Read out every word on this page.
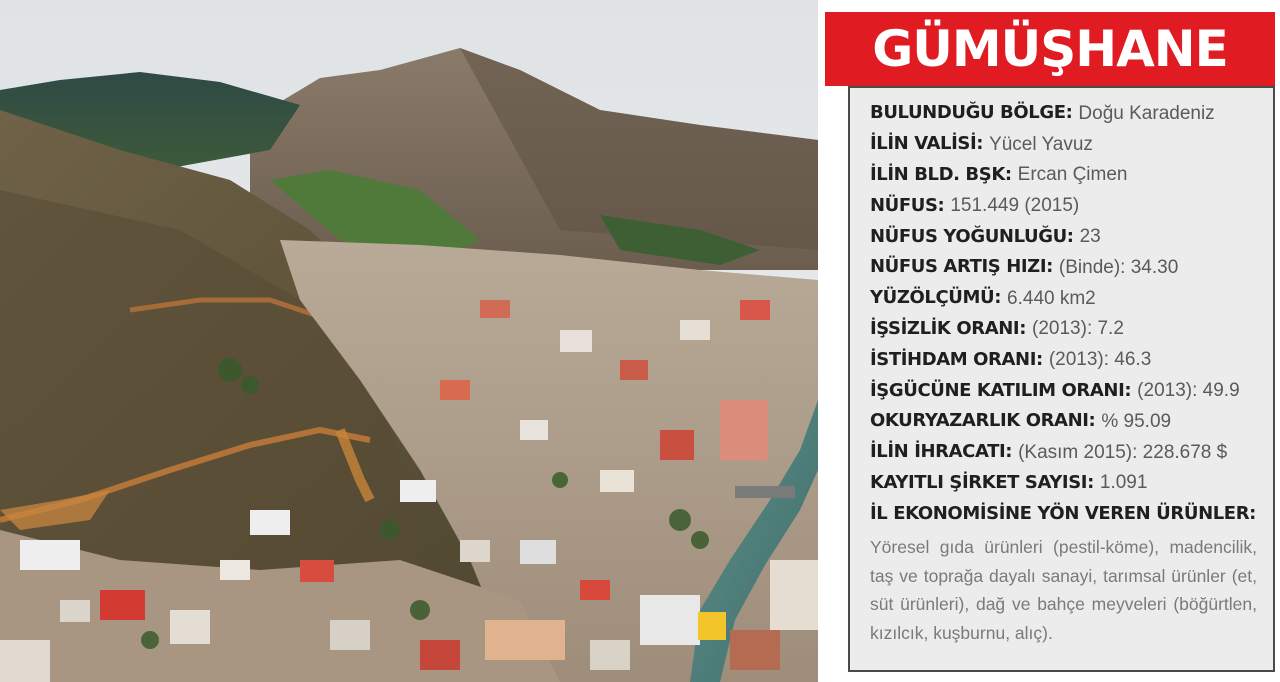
GÜMÜŞHANE
BULUNDUĞU BÖLGE: Doğu Karadeniz
İLİN VALİSİ: Yücel Yavuz
İLİN BLD. BŞK: Ercan Çimen
NÜFUS: 151.449 (2015)
NÜFUS YOĞUNLUĞU: 23
NÜFUS ARTIŞ HIZI: (Binde): 34.30
YÜZÖLÇÜMÜ: 6.440 km2
İŞSİZLİK ORANI: (2013): 7.2
İSTİHDAM ORANI: (2013): 46.3
İŞGÜCÜNE KATILIM ORANI: (2013): 49.9
OKURYAZARLIK ORANI: % 95.09
İLİN İHRACATI: (Kasım 2015): 228.678 $
KAYITLI ŞİRKET SAYISI: 1.091
İL EKONOMİSİNE YÖN VEREN ÜRÜNLER:
Yöresel gıda ürünleri (pestil-köme), madencilik, taş ve toprağa dayalı sanayi, tarımsal ürünler (et, süt ürünleri), dağ ve bahçe meyveleri (böğürtlen, kızılcık, kuşburnu, alıç).
